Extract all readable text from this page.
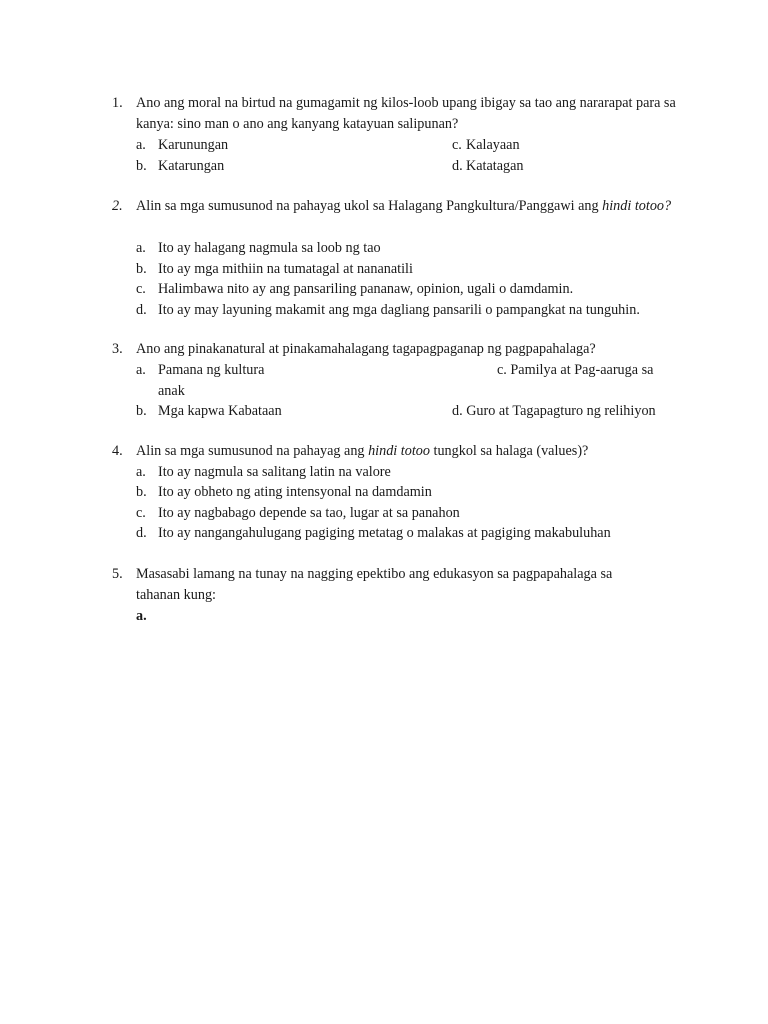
1. Ano ang moral na birtud na gumagamit ng kilos-loob upang ibigay sa tao ang nararapat para sa kanya: sino man o ano ang kanyang katayuan salipunan?
a. Karunungan	c. Kalayaan
b. Katarungan	d. Katatagan
2. Alin sa mga sumusunod na pahayag ukol sa Halagang Pangkultura/Panggawi ang hindi totoo?
a. Ito ay halagang nagmula sa loob ng tao
b. Ito ay mga mithiin na tumatagal at nananatili
c. Halimbawa nito ay ang pansariling pananaw, opinion, ugali o damdamin.
d. Ito ay may layuning makamit ang mga dagliang pansarili o pampangkat na tunguhin.
3. Ano ang pinakanatural at pinakamahalagang tagapagpaganap ng pagpapahalaga?
a. Pamana ng kultura	c. Pamilya at Pag-aaruga sa anak
b. Mga kapwa Kabataan	d. Guro at Tagapagturo ng relihiyon
4. Alin sa mga sumusunod na pahayag ang hindi totoo tungkol sa halaga (values)?
a. Ito ay nagmula sa salitang latin na valore
b. Ito ay obheto ng ating intensyonal na damdamin
c. Ito ay nagbabago depende sa tao, lugar at sa panahon
d. Ito ay nangangahulugang pagiging metatag o malakas at pagiging makabuluhan
5. Masasabi lamang na tunay na nagging epektibo ang edukasyon sa pagpapahalaga sa tahanan kung:
a.
